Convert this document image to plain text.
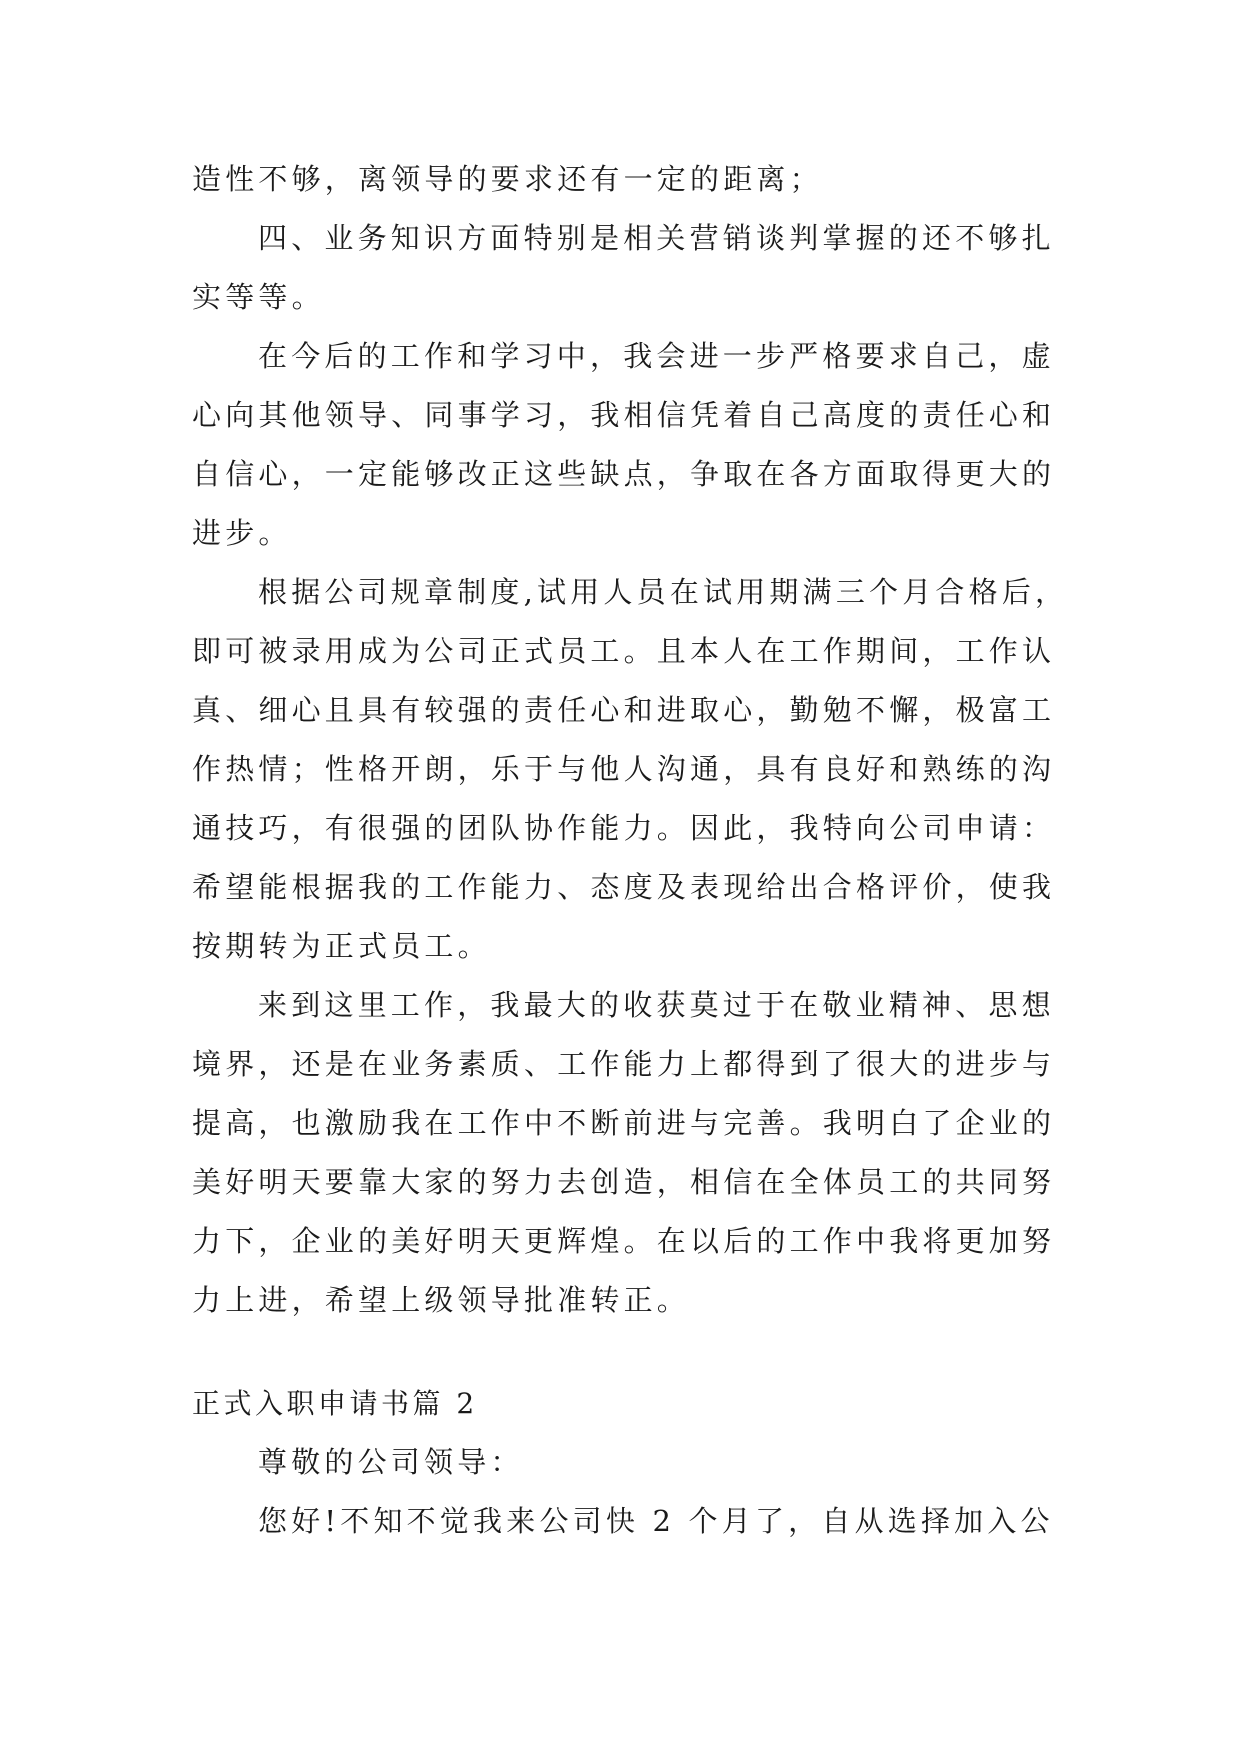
造性不够，离领导的要求还有一定的距离；
四、业务知识方面特别是相关营销谈判掌握的还不够扎
实等等。
在今后的工作和学习中，我会进一步严格要求自己，虚
心向其他领导、同事学习，我相信凭着自己高度的责任心和
自信心，一定能够改正这些缺点，争取在各方面取得更大的
进步。
根据公司规章制度,试用人员在试用期满三个月合格后，
即可被录用成为公司正式员工。且本人在工作期间，工作认
真、细心且具有较强的责任心和进取心，勤勉不懈，极富工
作热情；性格开朗，乐于与他人沟通，具有良好和熟练的沟
通技巧，有很强的团队协作能力。因此，我特向公司申请：
希望能根据我的工作能力、态度及表现给出合格评价，使我
按期转为正式员工。
来到这里工作，我最大的收获莫过于在敬业精神、思想
境界，还是在业务素质、工作能力上都得到了很大的进步与
提高，也激励我在工作中不断前进与完善。我明白了企业的
美好明天要靠大家的努力去创造，相信在全体员工的共同努
力下，企业的美好明天更辉煌。在以后的工作中我将更加努
力上进，希望上级领导批准转正。
正式入职申请书篇 2
尊敬的公司领导：
您好!不知不觉我来公司快 2 个月了，自从选择加入公
